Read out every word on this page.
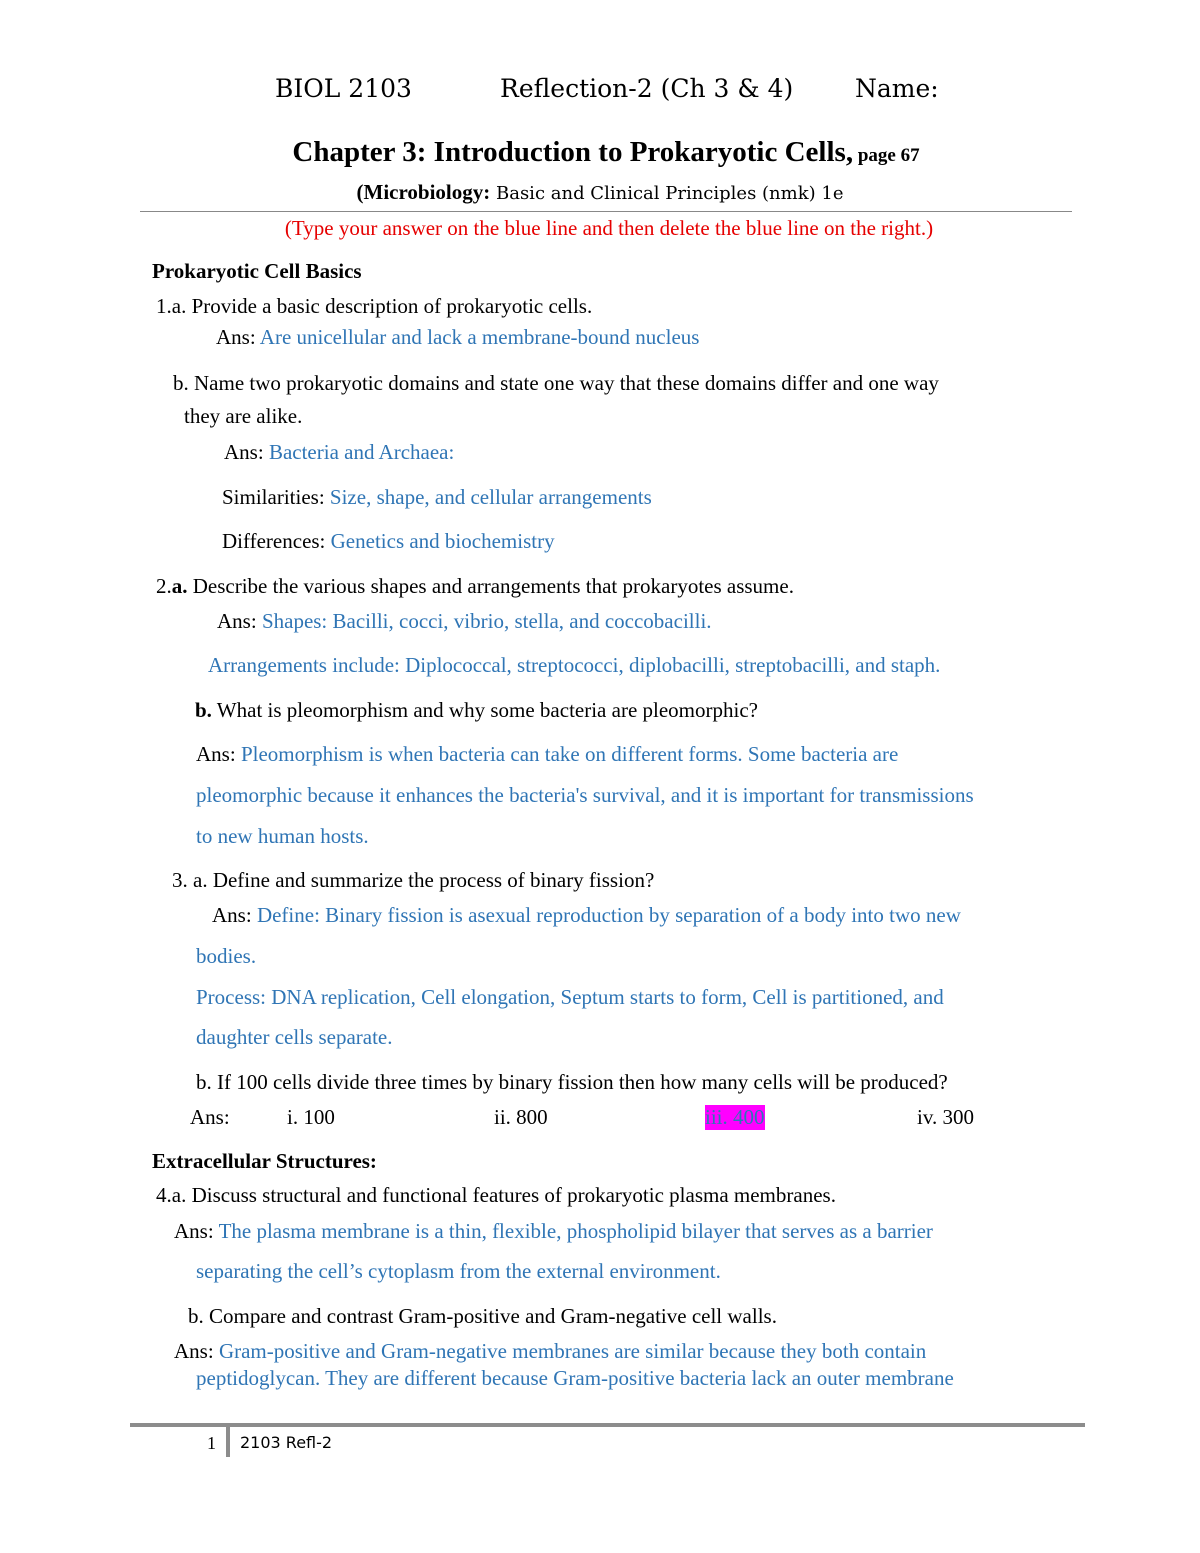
BIOL 2103	Reflection-2 (Ch 3 & 4) Name:
Chapter 3: Introduction to Prokaryotic Cells, page 67
(Microbiology: Basic and Clinical Principles (nmk) 1e
(Type your answer on the blue line and then delete the blue line on the right.)
Prokaryotic Cell Basics
1.a. Provide a basic description of prokaryotic cells.
Ans: Are unicellular and lack a membrane-bound nucleus
b. Name two prokaryotic domains and state one way that these domains differ and one way
they are alike.
Ans: Bacteria and Archaea:
Similarities: Size, shape, and cellular arrangements
Differences: Genetics and biochemistry
2.a. Describe the various shapes and arrangements that prokaryotes assume.
Ans: Shapes: Bacilli, cocci, vibrio, stella, and coccobacilli.
Arrangements include: Diplococcal, streptococci, diplobacilli, streptobacilli, and staph.
b. What is pleomorphism and why some bacteria are pleomorphic?
Ans: Pleomorphism is when bacteria can take on different forms. Some bacteria are
pleomorphic because it enhances the bacteria's survival, and it is important for transmissions
to new human hosts.
3. a. Define and summarize the process of binary fission?
Ans: Define: Binary fission is asexual reproduction by separation of a body into two new
bodies.
Process: DNA replication, Cell elongation, Septum starts to form, Cell is partitioned, and
daughter cells separate.
b. If 100 cells divide three times by binary fission then how many cells will be produced?
Ans:	i. 100	ii. 800	iii. 400	iv. 300
Extracellular Structures:
4.a. Discuss structural and functional features of prokaryotic plasma membranes.
Ans: The plasma membrane is a thin, flexible, phospholipid bilayer that serves as a barrier
separating the cell’s cytoplasm from the external environment.
b. Compare and contrast Gram-positive and Gram-negative cell walls.
Ans: Gram-positive and Gram-negative membranes are similar because they both contain
peptidoglycan. They are different because Gram-positive bacteria lack an outer membrane
1 2103 Refl-2
